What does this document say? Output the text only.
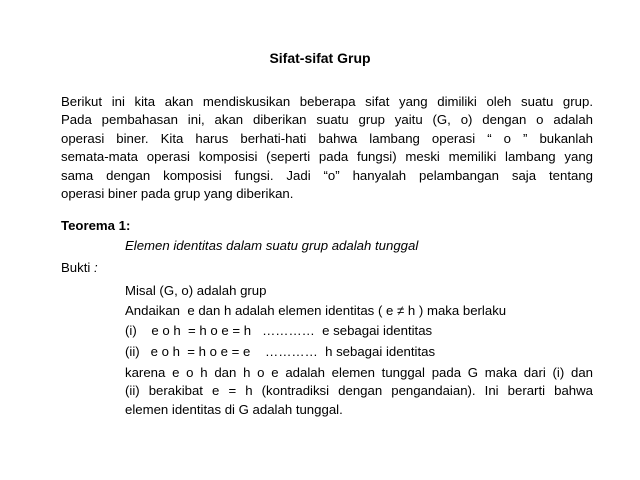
Sifat-sifat Grup
Berikut ini kita akan mendiskusikan beberapa sifat yang dimiliki oleh suatu grup.
Pada pembahasan ini, akan diberikan suatu grup yaitu (G, o) dengan o adalah
operasi biner. Kita harus berhati-hati bahwa lambang operasi “ o ” bukanlah
semata-mata operasi komposisi (seperti pada fungsi) meski memiliki lambang yang
sama dengan komposisi fungsi. Jadi “o” hanyalah pelambangan saja tentang
operasi biner pada grup yang diberikan.
Teorema 1:
Elemen identitas dalam suatu grup adalah tunggal
Bukti :
Misal (G, o) adalah grup
Andaikan  e dan h adalah elemen identitas ( e ≠ h ) maka berlaku
(i)    e o h  = h o e = h   …………  e sebagai identitas
(ii)   e o h  = h o e = e    …………  h sebagai identitas
karena e o h dan h o e adalah elemen tunggal pada G maka dari (i) dan
(ii) berakibat e = h (kontradiksi dengan pengandaian). Ini berarti bahwa
elemen identitas di G adalah tunggal.
